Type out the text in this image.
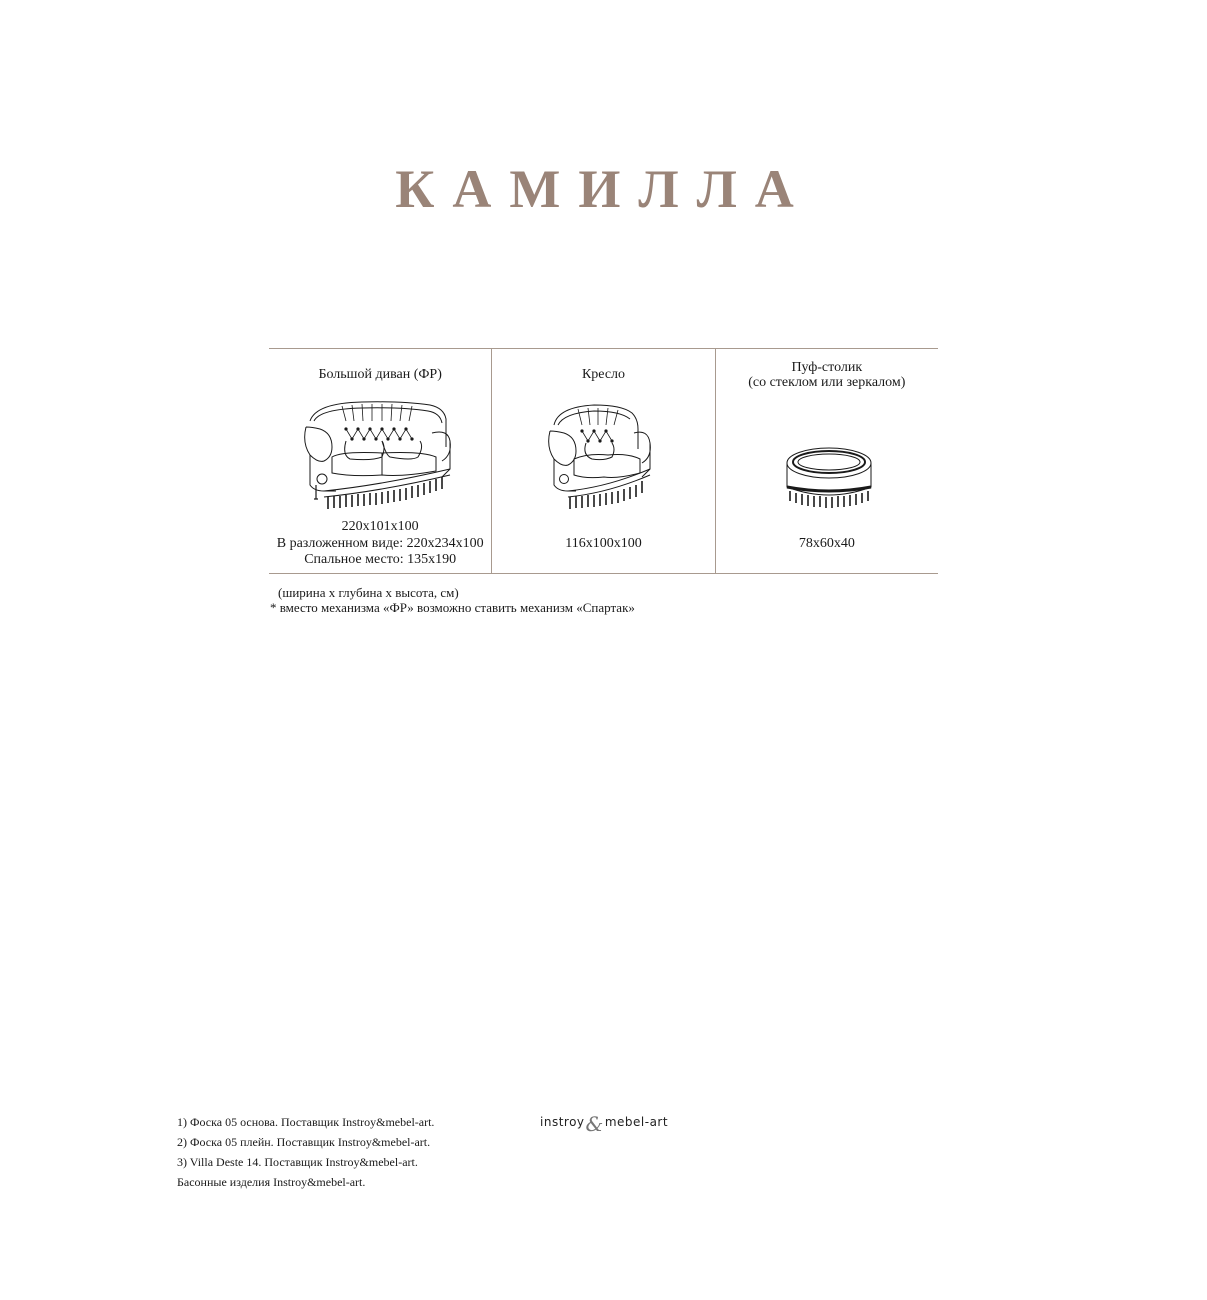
КАМИЛЛА
Большой диван (ФР)
220x101x100
В разложенном виде: 220x234x100
Спальное место: 135x190
Кресло
116x100x100
Пуф-столик
(со стеклом или зеркалом)
78x60x40
(ширина x глубина x высота, см)
* вместо механизма «ФР» возможно ставить механизм «Спартак»
1) Фоска 05 основа. Поставщик Instroy&mebel-art.
2) Фоска 05 плейн. Поставщик Instroy&mebel-art.
3) Villa Deste 14. Поставщик Instroy&mebel-art.
Басонные изделия Instroy&mebel-art.
instroy & mebel-art
